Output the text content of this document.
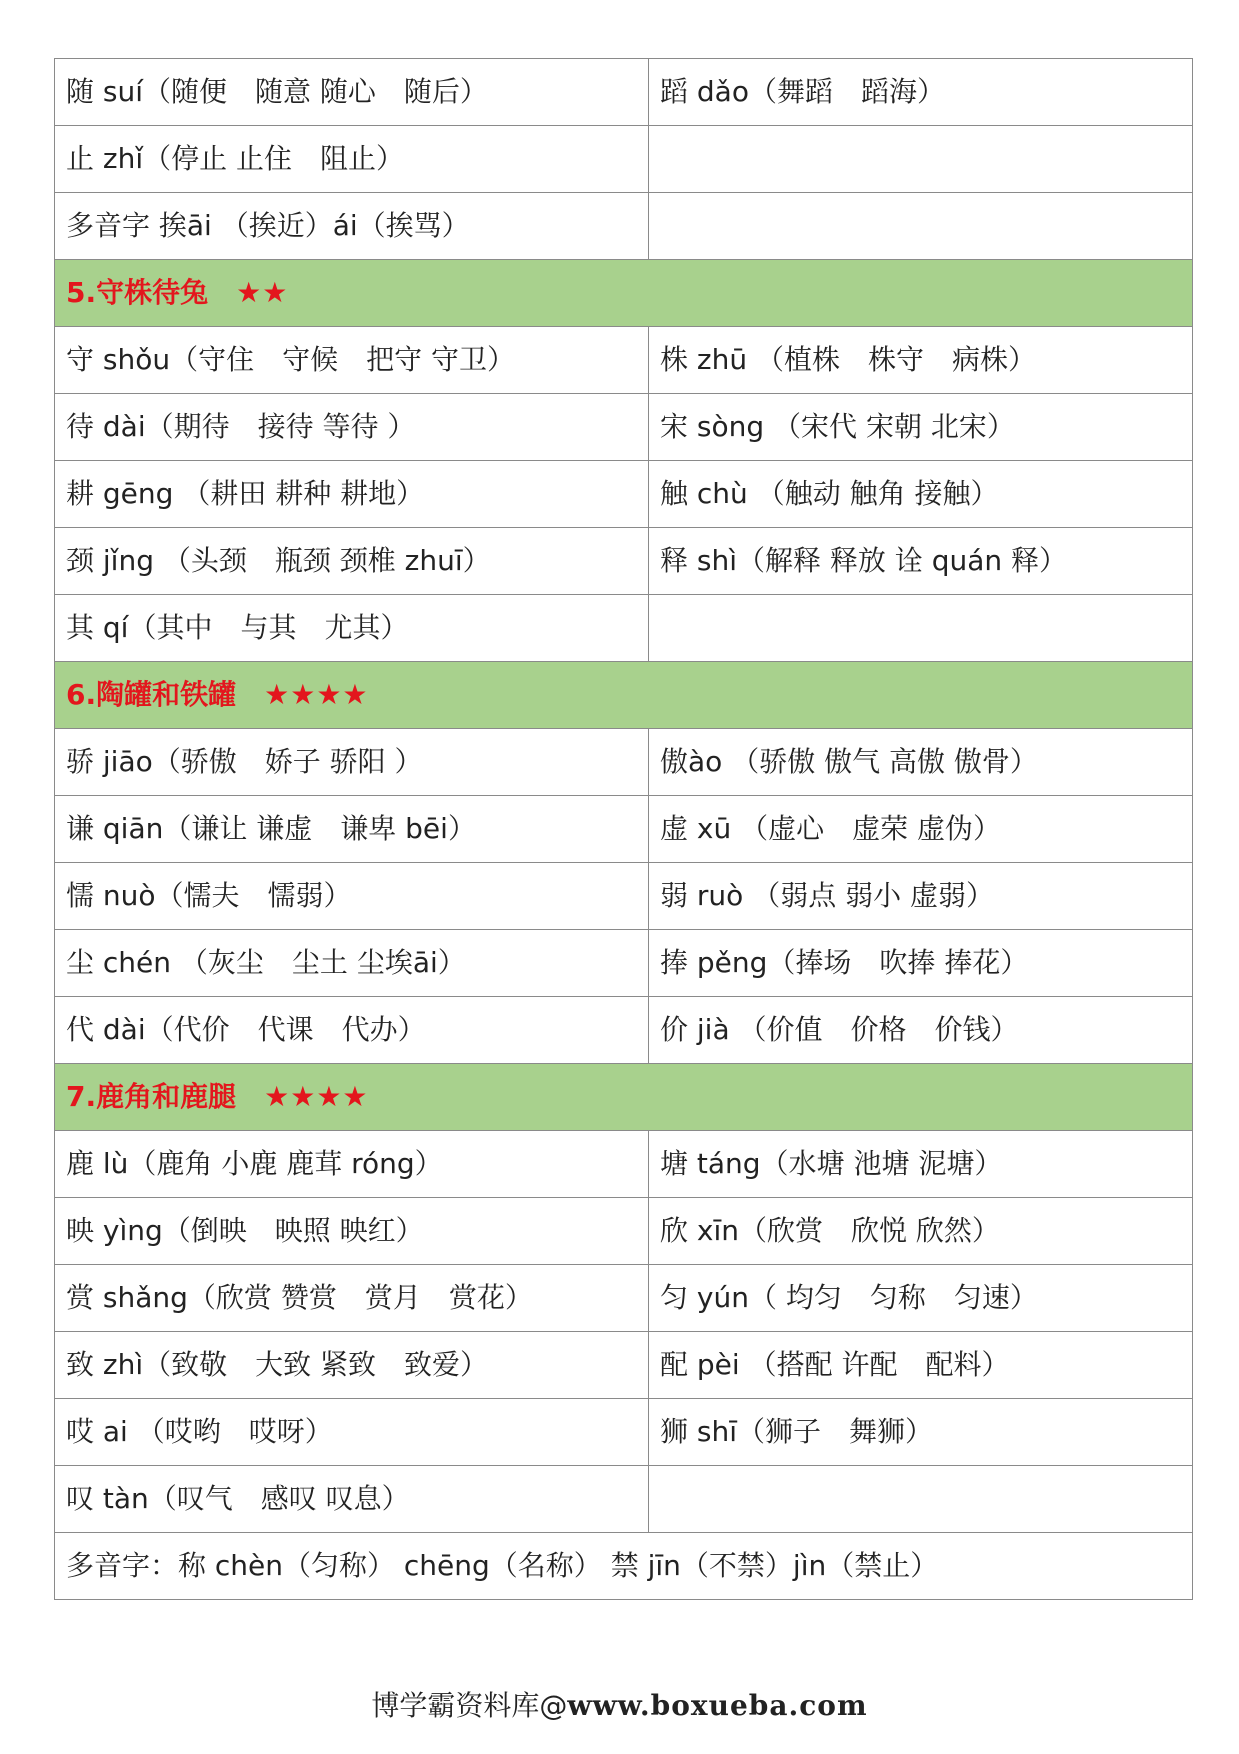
随 suí（随便　随意 随心　随后）	蹈 dǎo（舞蹈　蹈海）
止 zhǐ（停止 止住　阻止）	
多音字 挨āi （挨近）ái（挨骂）	
5.守株待兔 ★★	
守 shǒu（守住　守候　把守 守卫）	株 zhū （植株　株守　病株）
待 dài（期待　接待 等待 ）	宋 sòng （宋代 宋朝 北宋）
耕 gēng （耕田 耕种 耕地）	触 chù （触动 触角 接触）
颈 jǐng （头颈　瓶颈 颈椎 zhuī）	释 shì（解释 释放 诠 quán 释）
其 qí（其中　与其　尤其）	
6.陶罐和铁罐 ★★★★	
骄 jiāo（骄傲　娇子 骄阳 ）	傲ào （骄傲 傲气 高傲 傲骨）
谦 qiān（谦让 谦虚　谦卑 bēi）	虚 xū （虚心　虚荣 虚伪）
懦 nuò（懦夫　懦弱）	弱 ruò （弱点 弱小 虚弱）
尘 chén （灰尘　尘土 尘埃āi）	捧 pěng（捧场　吹捧 捧花）
代 dài（代价　代课　代办）	价 jià （价值　价格　价钱）
7.鹿角和鹿腿 ★★★★	
鹿 lù（鹿角 小鹿 鹿茸 róng）	塘 táng（水塘 池塘 泥塘）
映 yìng（倒映　映照 映红）	欣 xīn（欣赏　欣悦 欣然）
赏 shǎng（欣赏 赞赏　赏月　赏花）	匀 yún（ 均匀　匀称　匀速）
致 zhì（致敬　大致 紧致　致爱）	配 pèi （搭配 许配　配料）
哎 ai （哎哟　哎呀）	狮 shī（狮子　舞狮）
叹 tàn（叹气　感叹 叹息）	
多音字：称 chèn（匀称） chēng（名称） 禁 jīn（不禁）jìn（禁止）	
博学霸资料库@www.boxueba.com
